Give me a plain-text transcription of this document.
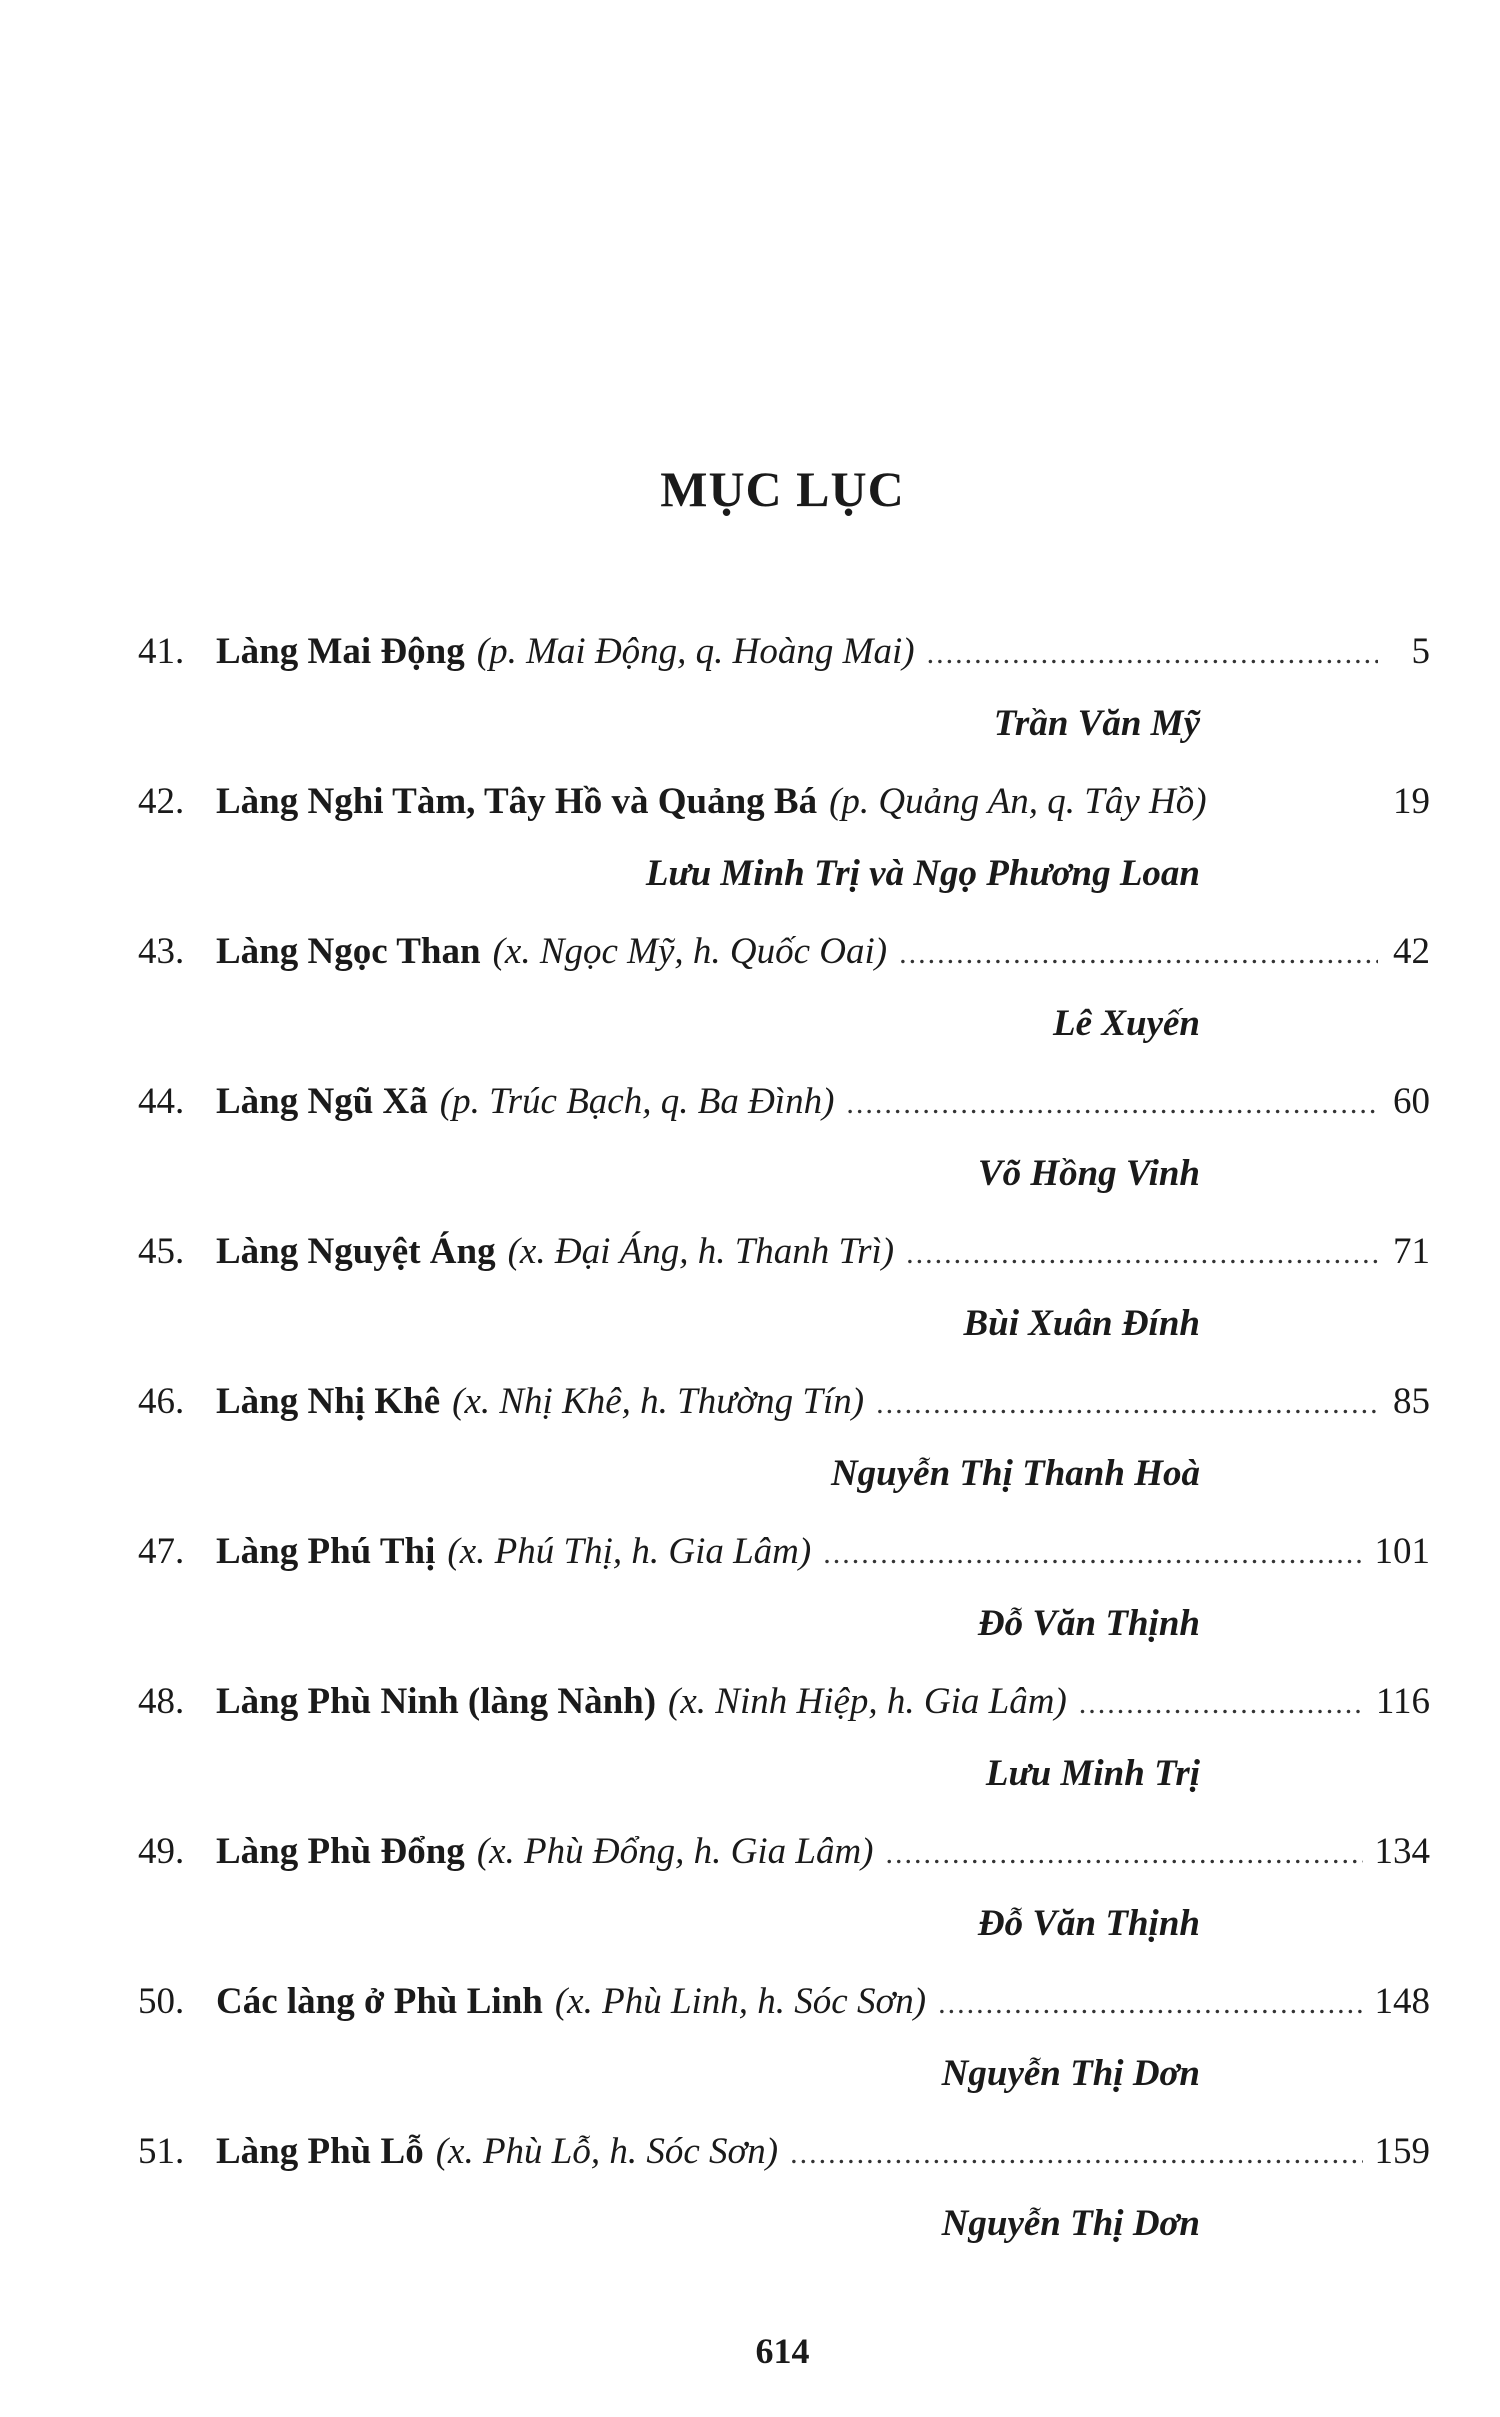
MỤC LỤC
41. Làng Mai Động (p. Mai Động, q. Hoàng Mai) .....	5
Trần Văn Mỹ
42. Làng Nghi Tàm, Tây Hồ và Quảng Bá (p. Quảng An, q. Tây Hồ)	19
Lưu Minh Trị và Ngọ Phương Loan
43. Làng Ngọc Than (x. Ngọc Mỹ, h. Quốc Oai) .....	42
Lê Xuyến
44. Làng Ngũ Xã (p. Trúc Bạch, q. Ba Đình) .....	60
Võ Hồng Vinh
45. Làng Nguyệt Áng (x. Đại Áng, h. Thanh Trì) .....	71
Bùi Xuân Đính
46. Làng Nhị Khê (x. Nhị Khê, h. Thường Tín) .....	85
Nguyễn Thị Thanh Hoà
47. Làng Phú Thị (x. Phú Thị, h. Gia Lâm) .....	101
Đỗ Văn Thịnh
48. Làng Phù Ninh (làng Nành) (x. Ninh Hiệp, h. Gia Lâm) .....	116
Lưu Minh Trị
49. Làng Phù Đổng (x. Phù Đổng, h. Gia Lâm) .....	134
Đỗ Văn Thịnh
50. Các làng ở Phù Linh (x. Phù Linh, h. Sóc Sơn) .....	148
Nguyễn Thị Dơn
51. Làng Phù Lỗ (x. Phù Lỗ, h. Sóc Sơn) .....	159
Nguyễn Thị Dơn
614
